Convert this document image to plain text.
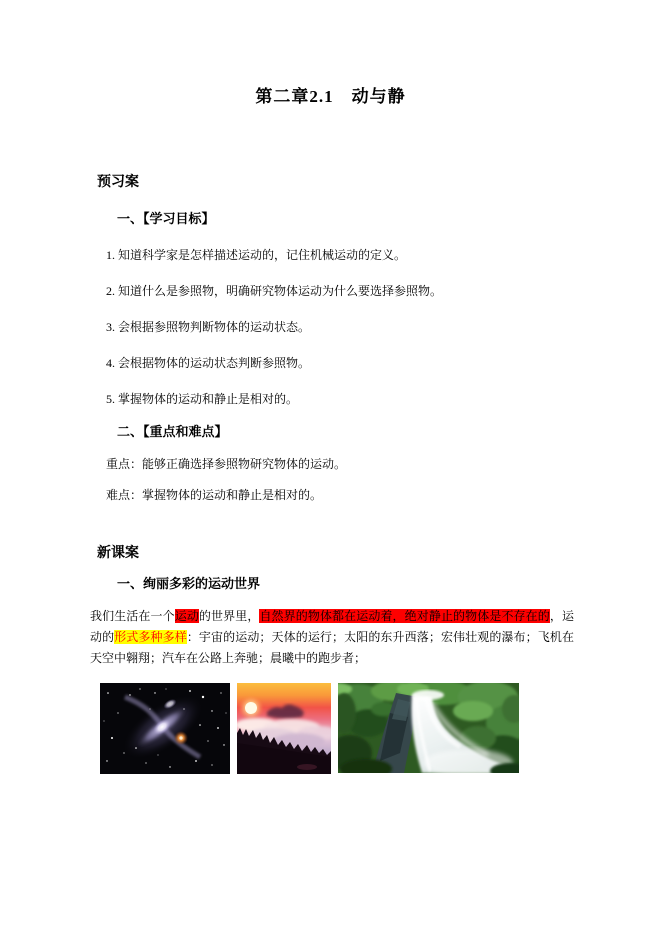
第二章2.1　动与静
预习案
一、【学习目标】

1. 知道科学家是怎样描述运动的，记住机械运动的定义。

2. 知道什么是参照物，明确研究物体运动为什么要选择参照物。

3. 会根据参照物判断物体的运动状态。

4. 会根据物体的运动状态判断参照物。

5. 掌握物体的运动和静止是相对的。

二、【重点和难点】

重点：能够正确选择参照物研究物体的运动。

难点：掌握物体的运动和静止是相对的。

新课案
一、绚丽多彩的运动世界

我们生活在一个运动的世界里，自然界的物体都在运动着，绝对静止的物体是不存在的，运动的形式多种多样：宇宙的运动；天体的运行；太阳的东升西落；宏伟壮观的瀑布；飞机在天空中翱翔；汽车在公路上奔驰；晨曦中的跑步者；
